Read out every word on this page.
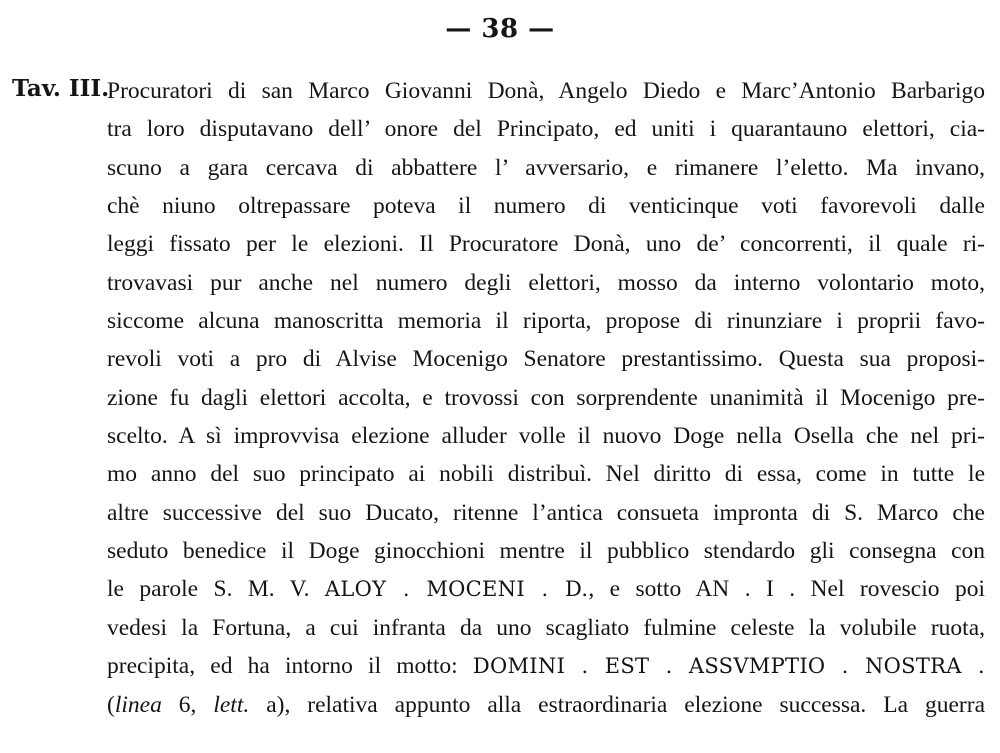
— 38 —
Tav. III.
Procuratori di san Marco Giovanni Donà, Angelo Diedo e Marc’Antonio Barbarigo
tra loro disputavano dell’ onore del Principato, ed uniti i quarantauno elettori, cia-
scuno a gara cercava di abbattere l’ avversario, e rimanere l’eletto. Ma invano,
chè niuno oltrepassare poteva il numero di venticinque voti favorevoli dalle
leggi fissato per le elezioni. Il Procuratore Donà, uno de’ concorrenti, il quale ri-
trovavasi pur anche nel numero degli elettori, mosso da interno volontario moto,
siccome alcuna manoscritta memoria il riporta, propose di rinunziare i proprii favo-
revoli voti a pro di Alvise Mocenigo Senatore prestantissimo. Questa sua proposi-
zione fu dagli elettori accolta, e trovossi con sorprendente unanimità il Mocenigo pre-
scelto. A sì improvvisa elezione alluder volle il nuovo Doge nella Osella che nel pri-
mo anno del suo principato ai nobili distribuì. Nel diritto di essa, come in tutte le
altre successive del suo Ducato, ritenne l’antica consueta impronta di S. Marco che
seduto benedice il Doge ginocchioni mentre il pubblico stendardo gli consegna con
le parole S. M. V. ALOY . MOCENI . D., e sotto AN . I . Nel rovescio poi
vedesi la Fortuna, a cui infranta da uno scagliato fulmine celeste la volubile ruota,
precipita, ed ha intorno il motto: DOMINI . EST . ASSVMPTIO . NOSTRA .
(linea 6, lett. a), relativa appunto alla estraordinaria elezione successa. La guerra
